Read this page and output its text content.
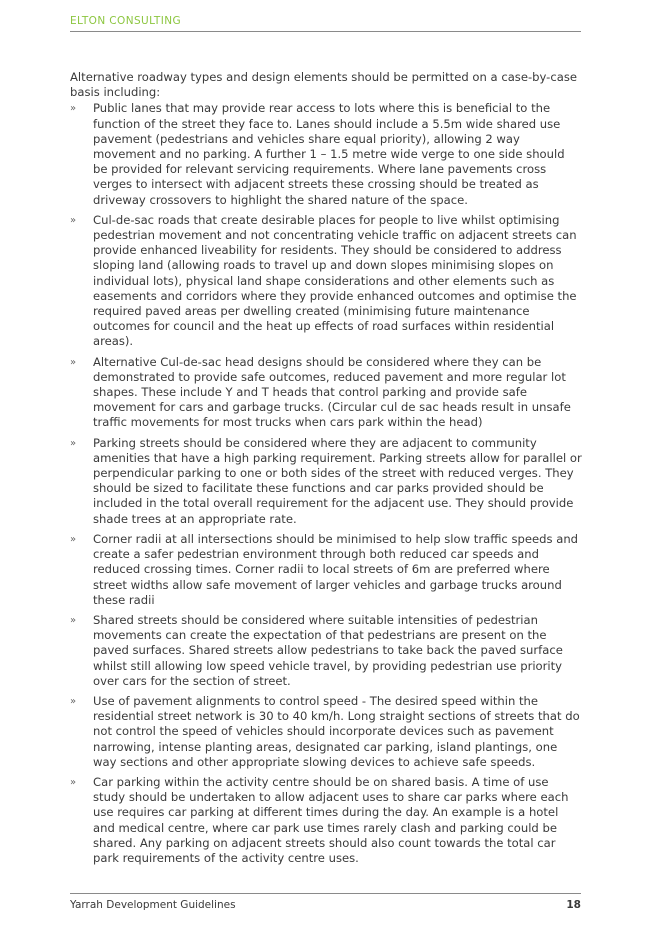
ELTON CONSULTING

Alternative roadway types and design elements should be permitted on a case-by-case basis including:

» Public lanes that may provide rear access to lots where this is beneficial to the function of the street they face to. Lanes should include a 5.5m wide shared use pavement (pedestrians and vehicles share equal priority), allowing 2 way movement and no parking. A further 1 – 1.5 metre wide verge to one side should be provided for relevant servicing requirements. Where lane pavements cross verges to intersect with adjacent streets these crossing should be treated as driveway crossovers to highlight the shared nature of the space.
» Cul-de-sac roads that create desirable places for people to live whilst optimising pedestrian movement and not concentrating vehicle traffic on adjacent streets can provide enhanced liveability for residents. They should be considered to address sloping land (allowing roads to travel up and down slopes minimising slopes on individual lots), physical land shape considerations and other elements such as easements and corridors where they provide enhanced outcomes and optimise the required paved areas per dwelling created (minimising future maintenance outcomes for council and the heat up effects of road surfaces within residential areas).
» Alternative Cul-de-sac head designs should be considered where they can be demonstrated to provide safe outcomes, reduced pavement and more regular lot shapes. These include Y and T heads that control parking and provide safe movement for cars and garbage trucks. (Circular cul de sac heads result in unsafe traffic movements for most trucks when cars park within the head)
» Parking streets should be considered where they are adjacent to community amenities that have a high parking requirement. Parking streets allow for parallel or perpendicular parking to one or both sides of the street with reduced verges. They should be sized to facilitate these functions and car parks provided should be included in the total overall requirement for the adjacent use. They should provide shade trees at an appropriate rate.
» Corner radii at all intersections should be minimised to help slow traffic speeds and create a safer pedestrian environment through both reduced car speeds and reduced crossing times. Corner radii to local streets of 6m are preferred where street widths allow safe movement of larger vehicles and garbage trucks around these radii
» Shared streets should be considered where suitable intensities of pedestrian movements can create the expectation of that pedestrians are present on the paved surfaces. Shared streets allow pedestrians to take back the paved surface whilst still allowing low speed vehicle travel, by providing pedestrian use priority over cars for the section of street.
» Use of pavement alignments to control speed - The desired speed within the residential street network is 30 to 40 km/h. Long straight sections of streets that do not control the speed of vehicles should incorporate devices such as pavement narrowing, intense planting areas, designated car parking, island plantings, one way sections and other appropriate slowing devices to achieve safe speeds.
» Car parking within the activity centre should be on shared basis. A time of use study should be undertaken to allow adjacent uses to share car parks where each use requires car parking at different times during the day. An example is a hotel and medical centre, where car park use times rarely clash and parking could be shared. Any parking on adjacent streets should also count towards the total car park requirements of the activity centre uses.
Yarrah Development Guidelines	18
